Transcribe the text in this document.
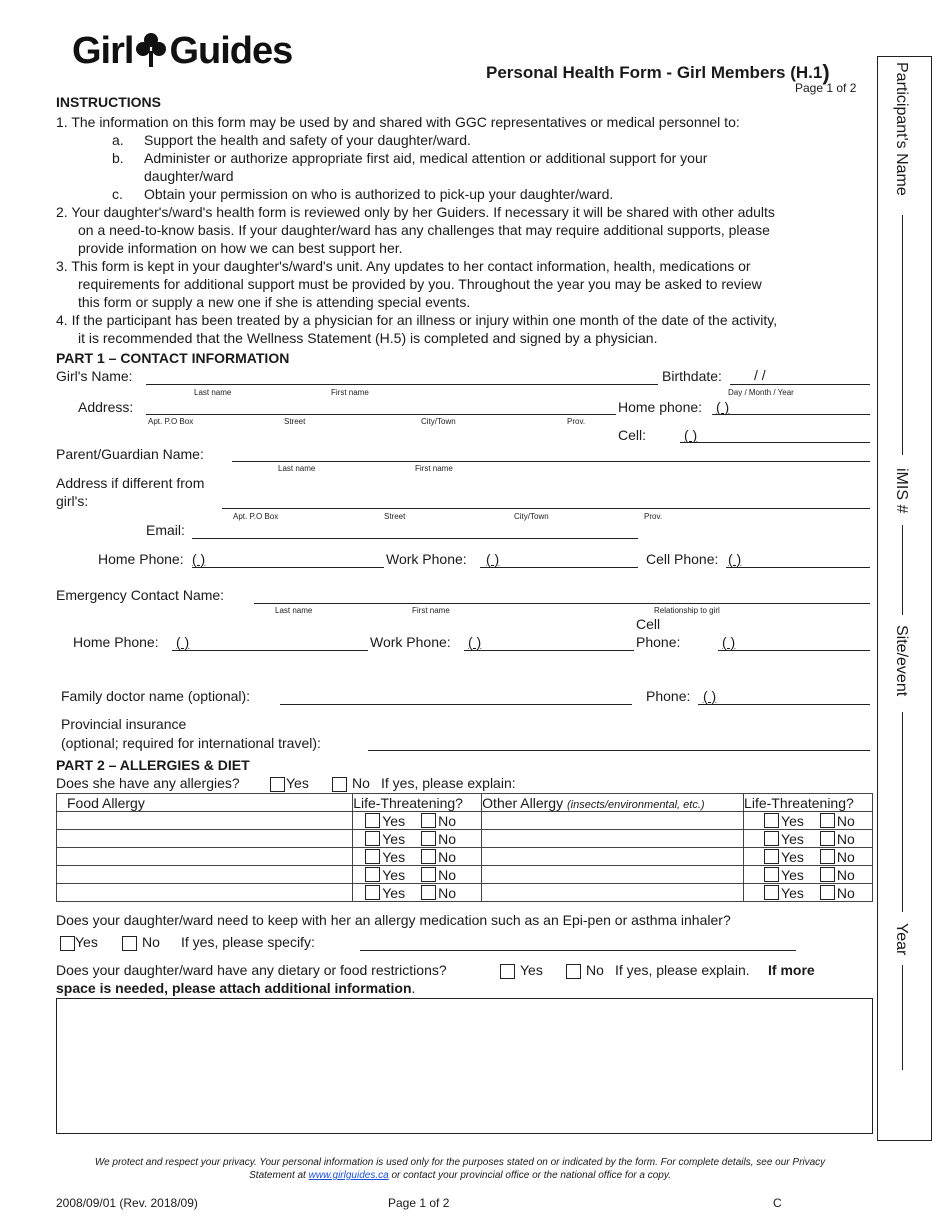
Girl Guides
Personal Health Form - Girl Members (H.1)
Page 1 of 2 Participant's Name
iMIS #
Site/event
Year
INSTRUCTIONS
1. The information on this form may be used by and shared with GGC representatives or medical personnel to:
a. Support the health and safety of your daughter/ward.
b. Administer or authorize appropriate first aid, medical attention or additional support for your
daughter/ward
c. Obtain your permission on who is authorized to pick-up your daughter/ward.
2. Your daughter's/ward's health form is reviewed only by her Guiders. If necessary it will be shared with other adults
on a need-to-know basis. If your daughter/ward has any challenges that may require additional supports, please
provide information on how we can best support her.
3. This form is kept in your daughter's/ward's unit. Any updates to her contact information, health, medications or
requirements for additional support must be provided by you. Throughout the year you may be asked to review
this form or supply a new one if she is attending special events.
4. If the participant has been treated by a physician for an illness or injury within one month of the date of the activity,
it is recommended that the Wellness Statement (H.5) is completed and signed by a physician.
PART 1 – CONTACT INFORMATION
Girl's Name:
Last name	First name
Birthdate: / /
Day / Month / Year
Address:
Apt. P.O Box	Street	City/Town	Prov.
Home phone: ( )
Cell:	( )
Parent/Guardian Name:
Last name	First name
Address if different from
girl's:
Apt. P.O Box	Street	City/Town	Prov.
Email:
Home Phone: ( )	Work Phone: ( )	Cell Phone: ( )
Emergency Contact Name:
Last name	First name	Relationship to girl
Home Phone: ( )	Work Phone: ( )
Cell
Phone:	( )
Family doctor name (optional):	Phone: ( )
Provincial insurance
(optional; required for international travel):
PART 2 – ALLERGIES & DIET
Does she have any allergies?	Yes	No If yes, please explain:
Food Allergy	Life-Threatening?	Other Allergy (insects/environmental, etc.)	Life-Threatening?
	Yes No		Yes No
	Yes No		Yes No
	Yes No		Yes No
	Yes No		Yes No
	Yes No		Yes No
Does your daughter/ward need to keep with her an allergy medication such as an Epi-pen or asthma inhaler?
Yes	No If yes, please specify:
Does your daughter/ward have any dietary or food restrictions?	Yes	No If yes, please explain. If more
space is needed, please attach additional information.
We protect and respect your privacy. Your personal information is used only for the purposes stated on or indicated by the form. For complete details, see our Privacy
Statement at www.girlguides.ca or contact your provincial office or the national office for a copy.
2008/09/01 (Rev. 2018/09)	Page 1 of 2	C
